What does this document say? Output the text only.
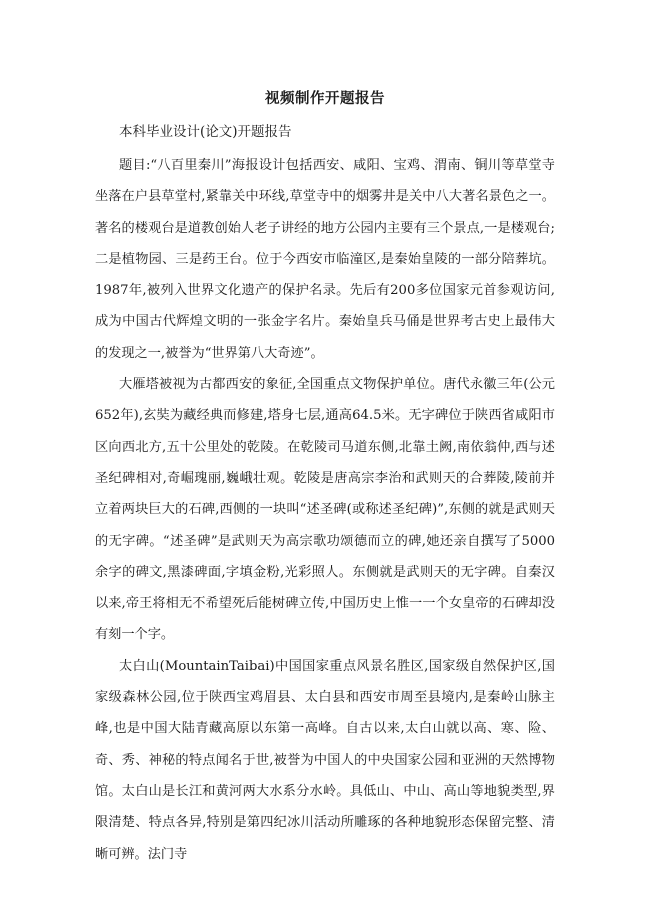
视频制作开题报告
本科毕业设计(论文)开题报告

题目:“八百里秦川”海报设计包括西安、咸阳、宝鸡、渭南、铜川等草堂寺坐落在户县草堂村,紧靠关中环线,草堂寺中的烟雾井是关中八大著名景色之一。著名的楼观台是道教创始人老子讲经的地方公园内主要有三个景点,一是楼观台;二是植物园、三是药王台。位于今西安市临潼区,是秦始皇陵的一部分陪葬坑。1987年,被列入世界文化遗产的保护名录。先后有200多位国家元首参观访问,成为中国古代辉煌文明的一张金字名片。秦始皇兵马俑是世界考古史上最伟大的发现之一,被誉为“世界第八大奇迹”。

大雁塔被视为古都西安的象征,全国重点文物保护单位。唐代永徽三年(公元652年),玄奘为藏经典而修建,塔身七层,通高64.5米。无字碑位于陕西省咸阳市区向西北方,五十公里处的乾陵。在乾陵司马道东侧,北靠土阙,南依翁仲,西与述圣纪碑相对,奇崛瑰丽,巍峨壮观。乾陵是唐高宗李治和武则天的合葬陵,陵前并立着两块巨大的石碑,西侧的一块叫“述圣碑(或称述圣纪碑)”,东侧的就是武则天的无字碑。“述圣碑”是武则天为高宗歌功颂德而立的碑,她还亲自撰写了5000余字的碑文,黑漆碑面,字填金粉,光彩照人。东侧就是武则天的无字碑。自秦汉以来,帝王将相无不希望死后能树碑立传,中国历史上惟一一个女皇帝的石碑却没有刻一个字。

太白山(MountainTaibai)中国国家重点风景名胜区,国家级自然保护区,国家级森林公园,位于陕西宝鸡眉县、太白县和西安市周至县境内,是秦岭山脉主峰,也是中国大陆青藏高原以东第一高峰。自古以来,太白山就以高、寒、险、奇、秀、神秘的特点闻名于世,被誉为中国人的中央国家公园和亚洲的天然博物馆。太白山是长江和黄河两大水系分水岭。具低山、中山、高山等地貌类型,界限清楚、特点各异,特别是第四纪冰川活动所雕琢的各种地貌形态保留完整、清晰可辨。法门寺
